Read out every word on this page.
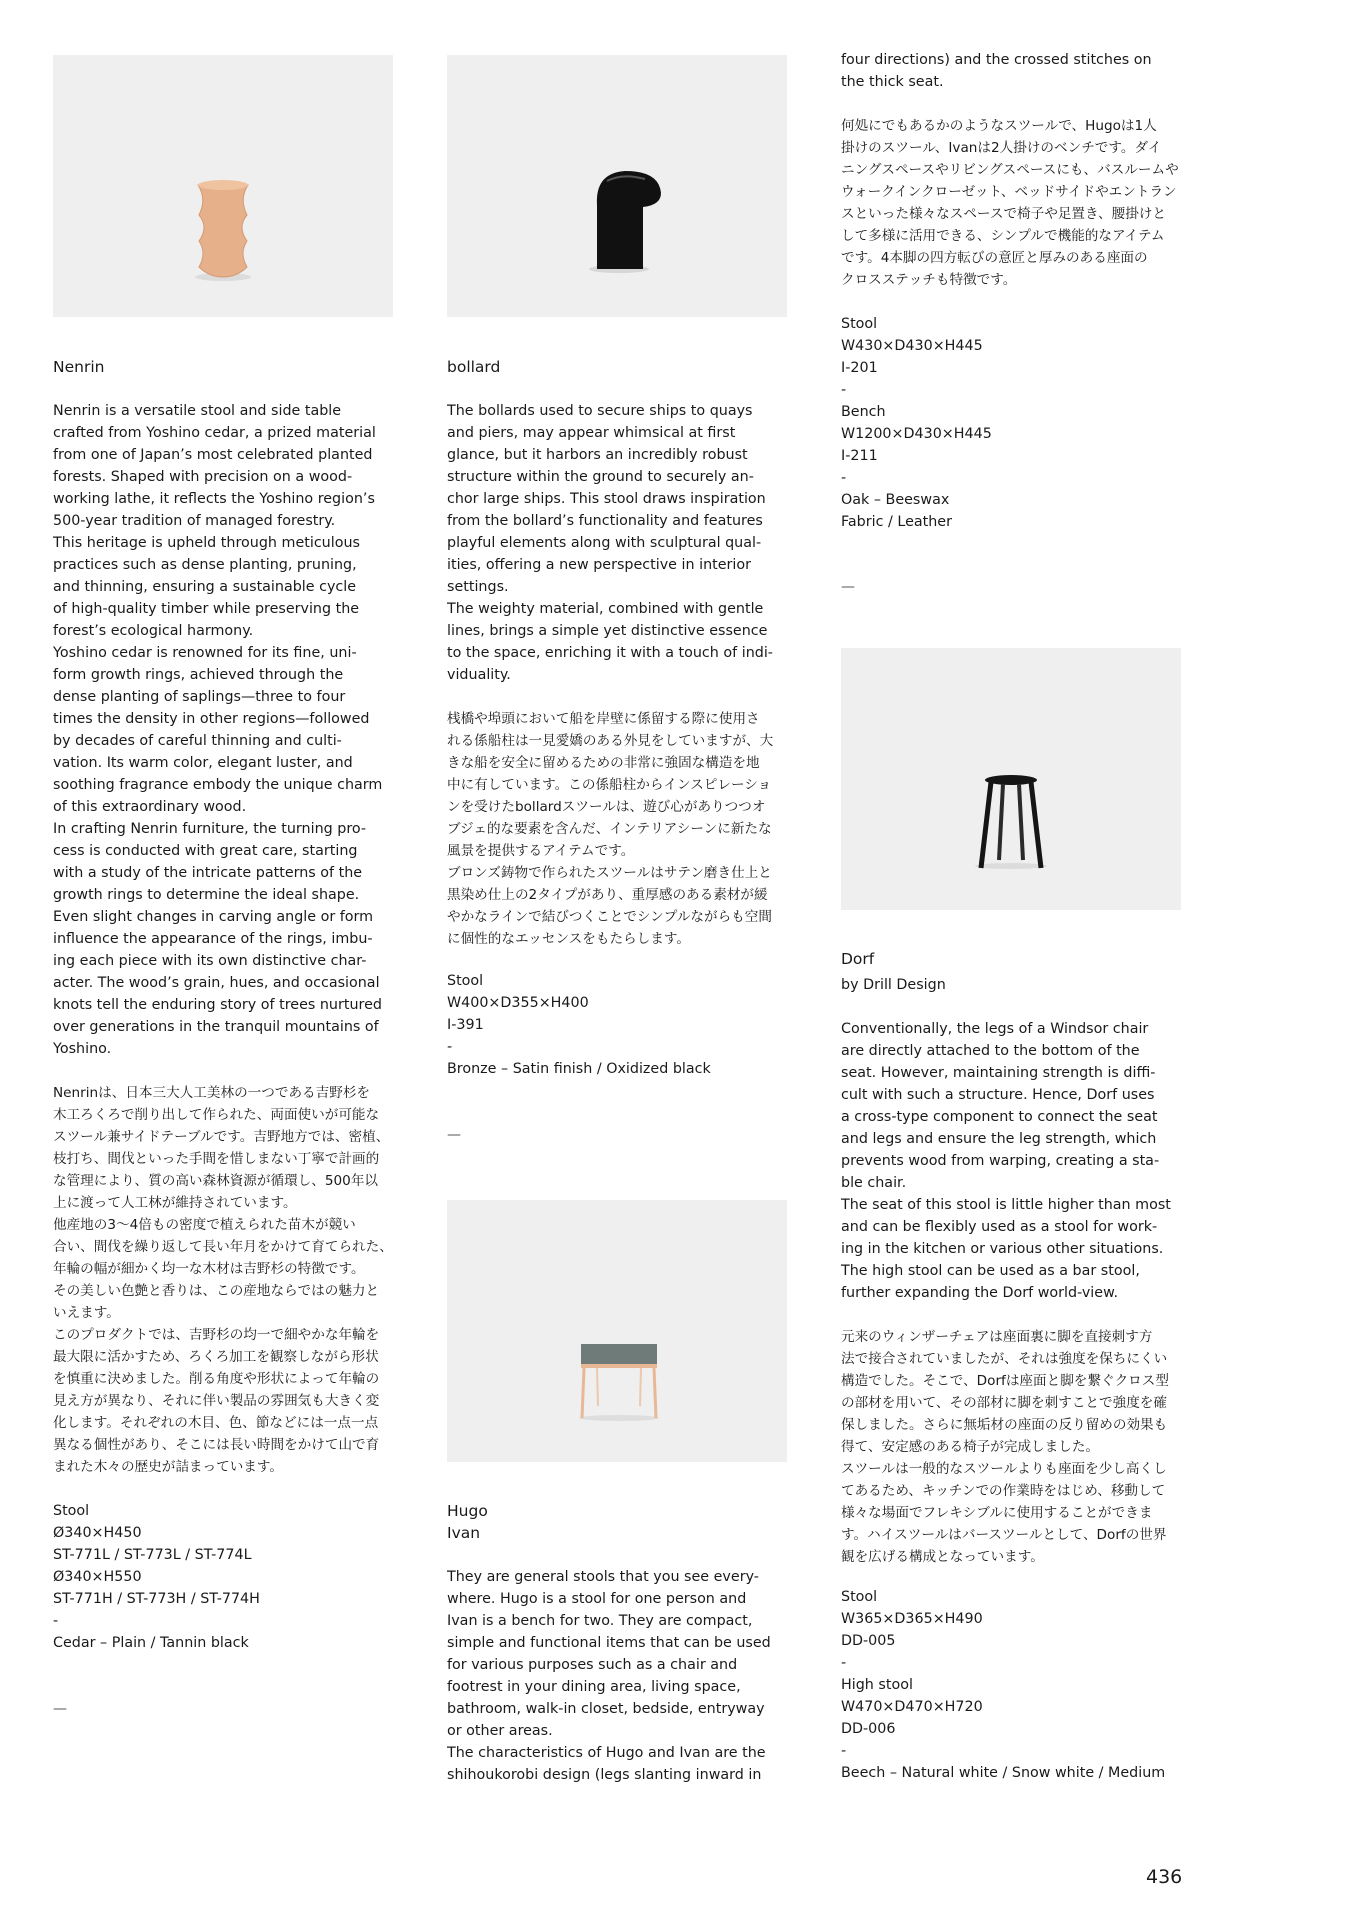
Nenrin
Nenrin is a versatile stool and side table
crafted from Yoshino cedar, a prized material
from one of Japan’s most celebrated planted
forests. Shaped with precision on a wood-
working lathe, it reflects the Yoshino region’s
500-year tradition of managed forestry.
This heritage is upheld through meticulous
practices such as dense planting, pruning,
and thinning, ensuring a sustainable cycle
of high-quality timber while preserving the
forest’s ecological harmony.
Yoshino cedar is renowned for its fine, uni-
form growth rings, achieved through the
dense planting of saplings—three to four
times the density in other regions—followed
by decades of careful thinning and culti-
vation. Its warm color, elegant luster, and
soothing fragrance embody the unique charm
of this extraordinary wood.
In crafting Nenrin furniture, the turning pro-
cess is conducted with great care, starting
with a study of the intricate patterns of the
growth rings to determine the ideal shape.
Even slight changes in carving angle or form
influence the appearance of the rings, imbu-
ing each piece with its own distinctive char-
acter. The wood’s grain, hues, and occasional
knots tell the enduring story of trees nurtured
over generations in the tranquil mountains of
Yoshino.
Nenrinは、日本三大人工美林の一つである吉野杉を
木工ろくろで削り出して作られた、両面使いが可能な
スツール兼サイドテーブルです。吉野地方では、密植、
枝打ち、間伐といった手間を惜しまない丁寧で計画的
な管理により、質の高い森林資源が循環し、500年以
上に渡って人工林が維持されています。
他産地の3〜4倍もの密度で植えられた苗木が競い
合い、間伐を繰り返して長い年月をかけて育てられた、
年輪の幅が細かく均一な木材は吉野杉の特徴です。
その美しい色艶と香りは、この産地ならではの魅力と
いえます。
このプロダクトでは、吉野杉の均一で細やかな年輪を
最大限に活かすため、ろくろ加工を観察しながら形状
を慎重に決めました。削る角度や形状によって年輪の
見え方が異なり、それに伴い製品の雰囲気も大きく変
化します。それぞれの木目、色、節などには一点一点
異なる個性があり、そこには長い時間をかけて山で育
まれた木々の歴史が詰まっています。
Stool
Ø340×H450
ST-771L / ST-773L / ST-774L
Ø340×H550
ST-771H / ST-773H / ST-774H
-
Cedar – Plain / Tannin black
—
bollard
The bollards used to secure ships to quays
and piers, may appear whimsical at first
glance, but it harbors an incredibly robust
structure within the ground to securely an-
chor large ships. This stool draws inspiration
from the bollard’s functionality and features
playful elements along with sculptural qual-
ities, offering a new perspective in interior
settings.
The weighty material, combined with gentle
lines, brings a simple yet distinctive essence
to the space, enriching it with a touch of indi-
viduality.
桟橋や埠頭において船を岸壁に係留する際に使用さ
れる係船柱は一見愛嬌のある外見をしていますが、大
きな船を安全に留めるための非常に強固な構造を地
中に有しています。この係船柱からインスピレーショ
ンを受けたbollardスツールは、遊び心がありつつオ
ブジェ的な要素を含んだ、インテリアシーンに新たな
風景を提供するアイテムです。
ブロンズ鋳物で作られたスツールはサテン磨き仕上と
黒染め仕上の2タイプがあり、重厚感のある素材が緩
やかなラインで結びつくことでシンプルながらも空間
に個性的なエッセンスをもたらします。
Stool
W400×D355×H400
I-391
-
Bronze – Satin finish / Oxidized black
—
Hugo
Ivan
They are general stools that you see every-
where. Hugo is a stool for one person and
Ivan is a bench for two. They are compact,
simple and functional items that can be used
for various purposes such as a chair and
footrest in your dining area, living space,
bathroom, walk-in closet, bedside, entryway
or other areas.
The characteristics of Hugo and Ivan are the
shihoukorobi design (legs slanting inward in
four directions) and the crossed stitches on
the thick seat.
何処にでもあるかのようなスツールで、Hugoは1人
掛けのスツール、Ivanは2人掛けのベンチです。ダイ
ニングスペースやリビングスペースにも、バスルームや
ウォークインクローゼット、ベッドサイドやエントラン
スといった様々なスペースで椅子や足置き、腰掛けと
して多様に活用できる、シンプルで機能的なアイテム
です。4本脚の四方転びの意匠と厚みのある座面の
クロスステッチも特徴です。
Stool
W430×D430×H445
I-201
-
Bench
W1200×D430×H445
I-211
-
Oak – Beeswax
Fabric / Leather
—
Dorf
by Drill Design
Conventionally, the legs of a Windsor chair
are directly attached to the bottom of the
seat. However, maintaining strength is diffi-
cult with such a structure. Hence, Dorf uses
a cross-type component to connect the seat
and legs and ensure the leg strength, which
prevents wood from warping, creating a sta-
ble chair.
The seat of this stool is little higher than most
and can be flexibly used as a stool for work-
ing in the kitchen or various other situations.
The high stool can be used as a bar stool,
further expanding the Dorf world-view.
元来のウィンザーチェアは座面裏に脚を直接刺す方
法で接合されていましたが、それは強度を保ちにくい
構造でした。そこで、Dorfは座面と脚を繋ぐクロス型
の部材を用いて、その部材に脚を刺すことで強度を確
保しました。さらに無垢材の座面の反り留めの効果も
得て、安定感のある椅子が完成しました。
スツールは一般的なスツールよりも座面を少し高くし
てあるため、キッチンでの作業時をはじめ、移動して
様々な場面でフレキシブルに使用することができま
す。ハイスツールはバースツールとして、Dorfの世界
観を広げる構成となっています。
Stool
W365×D365×H490
DD-005
-
High stool
W470×D470×H720
DD-006
-
Beech – Natural white / Snow white / Medium
436
